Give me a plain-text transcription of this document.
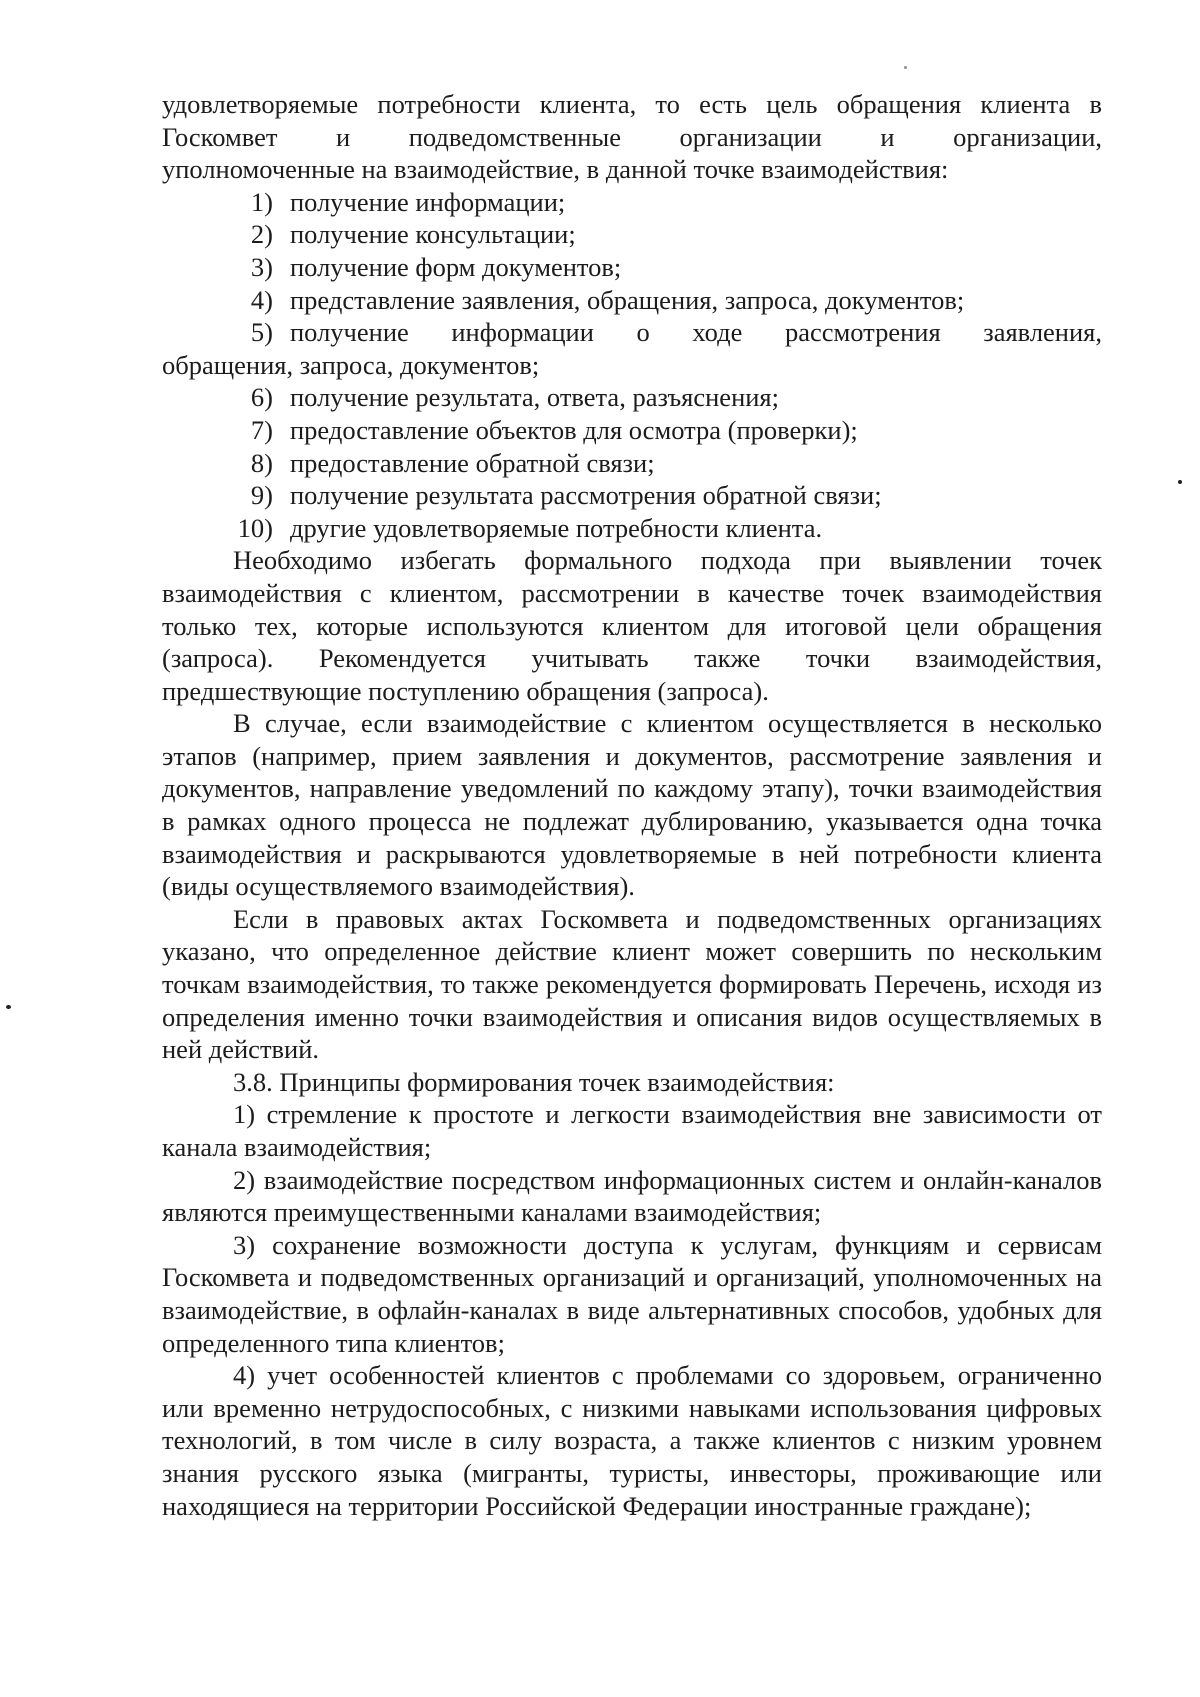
удовлетворяемые потребности клиента, то есть цель обращения клиента в
Госкомвет и подведомственные организации и организации,
уполномоченные на взаимодействие, в данной точке взаимодействия:
1) получение информации;
2) получение консультации;
3) получение форм документов;
4) представление заявления, обращения, запроса, документов;
5) получение информации о ходе рассмотрения заявления,
обращения, запроса, документов;
6) получение результата, ответа, разъяснения;
7) предоставление объектов для осмотра (проверки);
8) предоставление обратной связи;
9) получение результата рассмотрения обратной связи;
10) другие удовлетворяемые потребности клиента.

Необходимо избегать формального подхода при выявлении точек взаимодействия с клиентом, рассмотрении в качестве точек взаимодействия только тех, которые используются клиентом для итоговой цели обращения (запроса). Рекомендуется учитывать также точки взаимодействия, предшествующие поступлению обращения (запроса).

В случае, если взаимодействие с клиентом осуществляется в несколько этапов (например, прием заявления и документов, рассмотрение заявления и документов, направление уведомлений по каждому этапу), точки взаимодействия в рамках одного процесса не подлежат дублированию, указывается одна точка взаимодействия и раскрываются удовлетворяемые в ней потребности клиента (виды осуществляемого взаимодействия).

Если в правовых актах Госкомвета и подведомственных организациях указано, что определенное действие клиент может совершить по нескольким точкам взаимодействия, то также рекомендуется формировать Перечень, исходя из определения именно точки взаимодействия и описания видов осуществляемых в ней действий.

3.8. Принципы формирования точек взаимодействия:

1) стремление к простоте и легкости взаимодействия вне зависимости от канала взаимодействия;

2) взаимодействие посредством информационных систем и онлайн-каналов являются преимущественными каналами взаимодействия;

3) сохранение возможности доступа к услугам, функциям и сервисам Госкомвета и подведомственных организаций и организаций, уполномоченных на взаимодействие, в офлайн-каналах в виде альтернативных способов, удобных для определенного типа клиентов;

4) учет особенностей клиентов с проблемами со здоровьем, ограниченно или временно нетрудоспособных, с низкими навыками использования цифровых технологий, в том числе в силу возраста, а также клиентов с низким уровнем знания русского языка (мигранты, туристы, инвесторы, проживающие или находящиеся на территории Российской Федерации иностранные граждане);
